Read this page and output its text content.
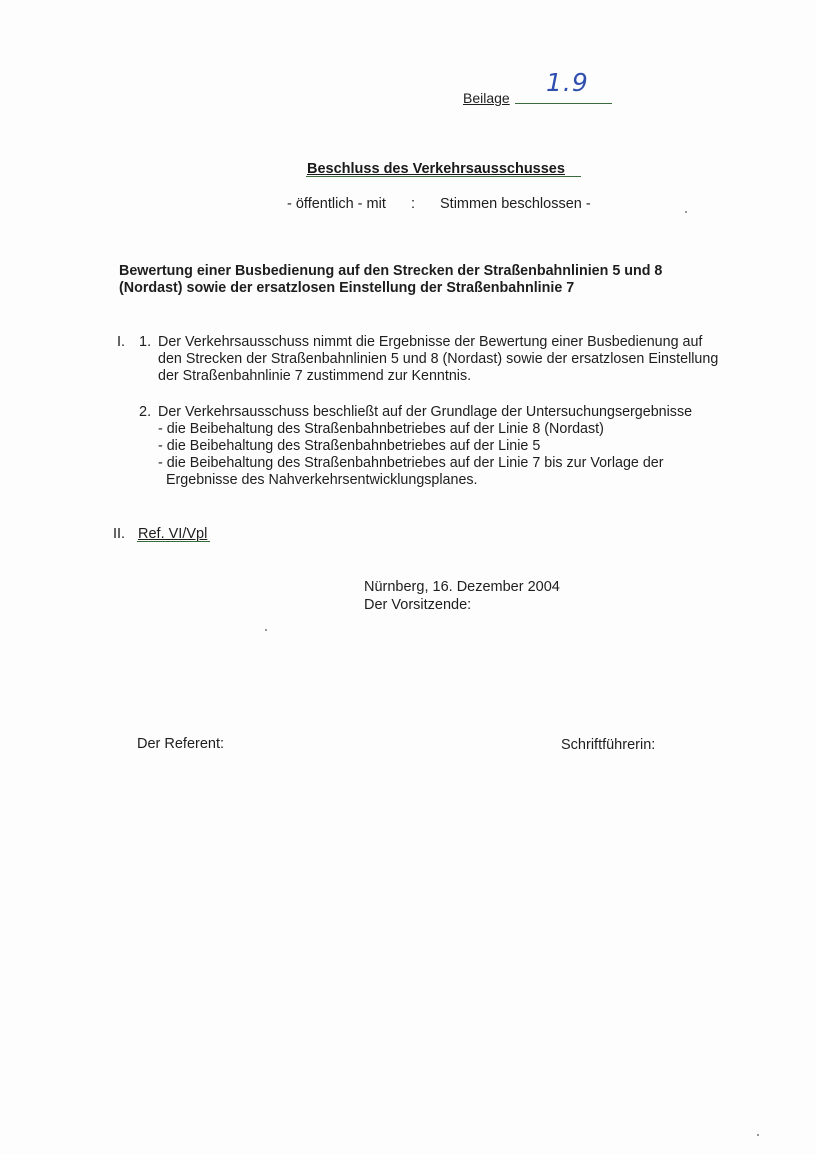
Beilage
1.9
Beschluss des Verkehrsausschusses
- öffentlich - mit : Stimmen beschlossen -
Bewertung einer Busbedienung auf den Strecken der Straßenbahnlinien 5 und 8
(Nordast) sowie der ersatzlosen Einstellung der Straßenbahnlinie 7
I. 1. Der Verkehrsausschuss nimmt die Ergebnisse der Bewertung einer Busbedienung auf
den Strecken der Straßenbahnlinien 5 und 8 (Nordast) sowie der ersatzlosen Einstellung
der Straßenbahnlinie 7 zustimmend zur Kenntnis.
2. Der Verkehrsausschuss beschließt auf der Grundlage der Untersuchungsergebnisse
- die Beibehaltung des Straßenbahnbetriebes auf der Linie 8 (Nordast)
- die Beibehaltung des Straßenbahnbetriebes auf der Linie 5
- die Beibehaltung des Straßenbahnbetriebes auf der Linie 7 bis zur Vorlage der
Ergebnisse des Nahverkehrsentwicklungsplanes.
II. Ref. VI/Vpl
Nürnberg, 16. Dezember 2004
Der Vorsitzende:
Der Referent:	Schriftführerin:
